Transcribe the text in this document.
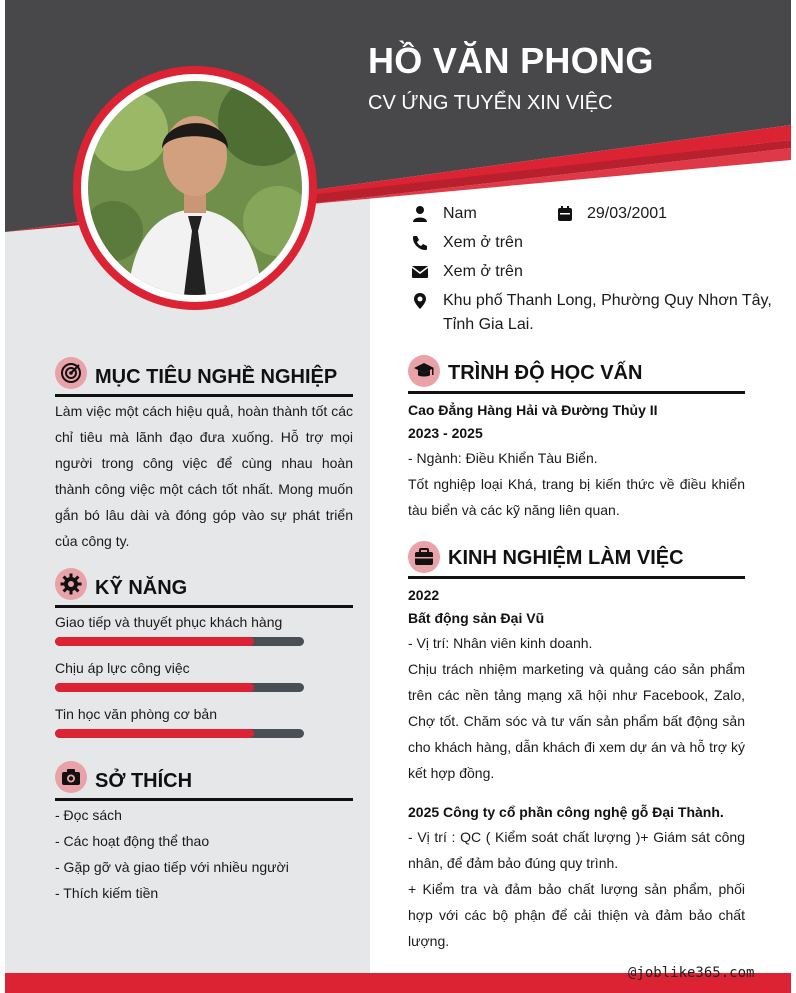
HỒ VĂN PHONG
CV ỨNG TUYỂN XIN VIỆC
Nam	29/03/2001
Xem ở trên
Xem ở trên
Khu phố Thanh Long, Phường Quy Nhơn Tây,
Tỉnh Gia Lai.
MỤC TIÊU NGHỀ NGHIỆP
Làm việc một cách hiệu quả, hoàn thành tốt các chỉ tiêu mà lãnh đạo đưa xuống. Hỗ trợ mọi người trong công việc để cùng nhau hoàn thành công việc một cách tốt nhất. Mong muốn gắn bó lâu dài và đóng góp vào sự phát triển của công ty.
KỸ NĂNG
Giao tiếp và thuyết phục khách hàng
Chịu áp lực công việc
Tin học văn phòng cơ bản
SỞ THÍCH
- Đọc sách
- Các hoạt động thể thao
- Gặp gỡ và giao tiếp với nhiều người
- Thích kiếm tiền
TRÌNH ĐỘ HỌC VẤN
Cao Đẳng Hàng Hải và Đường Thủy II
2023 - 2025
- Ngành: Điều Khiển Tàu Biển.
Tốt nghiệp loại Khá, trang bị kiến thức về điều khiển tàu biển và các kỹ năng liên quan.
KINH NGHIỆM LÀM VIỆC
2022
Bất động sản Đại Vũ
- Vị trí: Nhân viên kinh doanh.
Chịu trách nhiệm marketing và quảng cáo sản phẩm trên các nền tảng mạng xã hội như Facebook, Zalo, Chợ tốt. Chăm sóc và tư vấn sản phẩm bất động sản cho khách hàng, dẫn khách đi xem dự án và hỗ trợ ký kết hợp đồng.
2025 Công ty cổ phần công nghệ gỗ Đại Thành.
- Vị trí : QC ( Kiểm soát chất lượng )+ Giám sát công nhân, để đảm bảo đúng quy trình.
+ Kiểm tra và đảm bảo chất lượng sản phẩm, phối hợp với các bộ phận để cải thiện và đảm bảo chất lượng.
@joblike365.com
